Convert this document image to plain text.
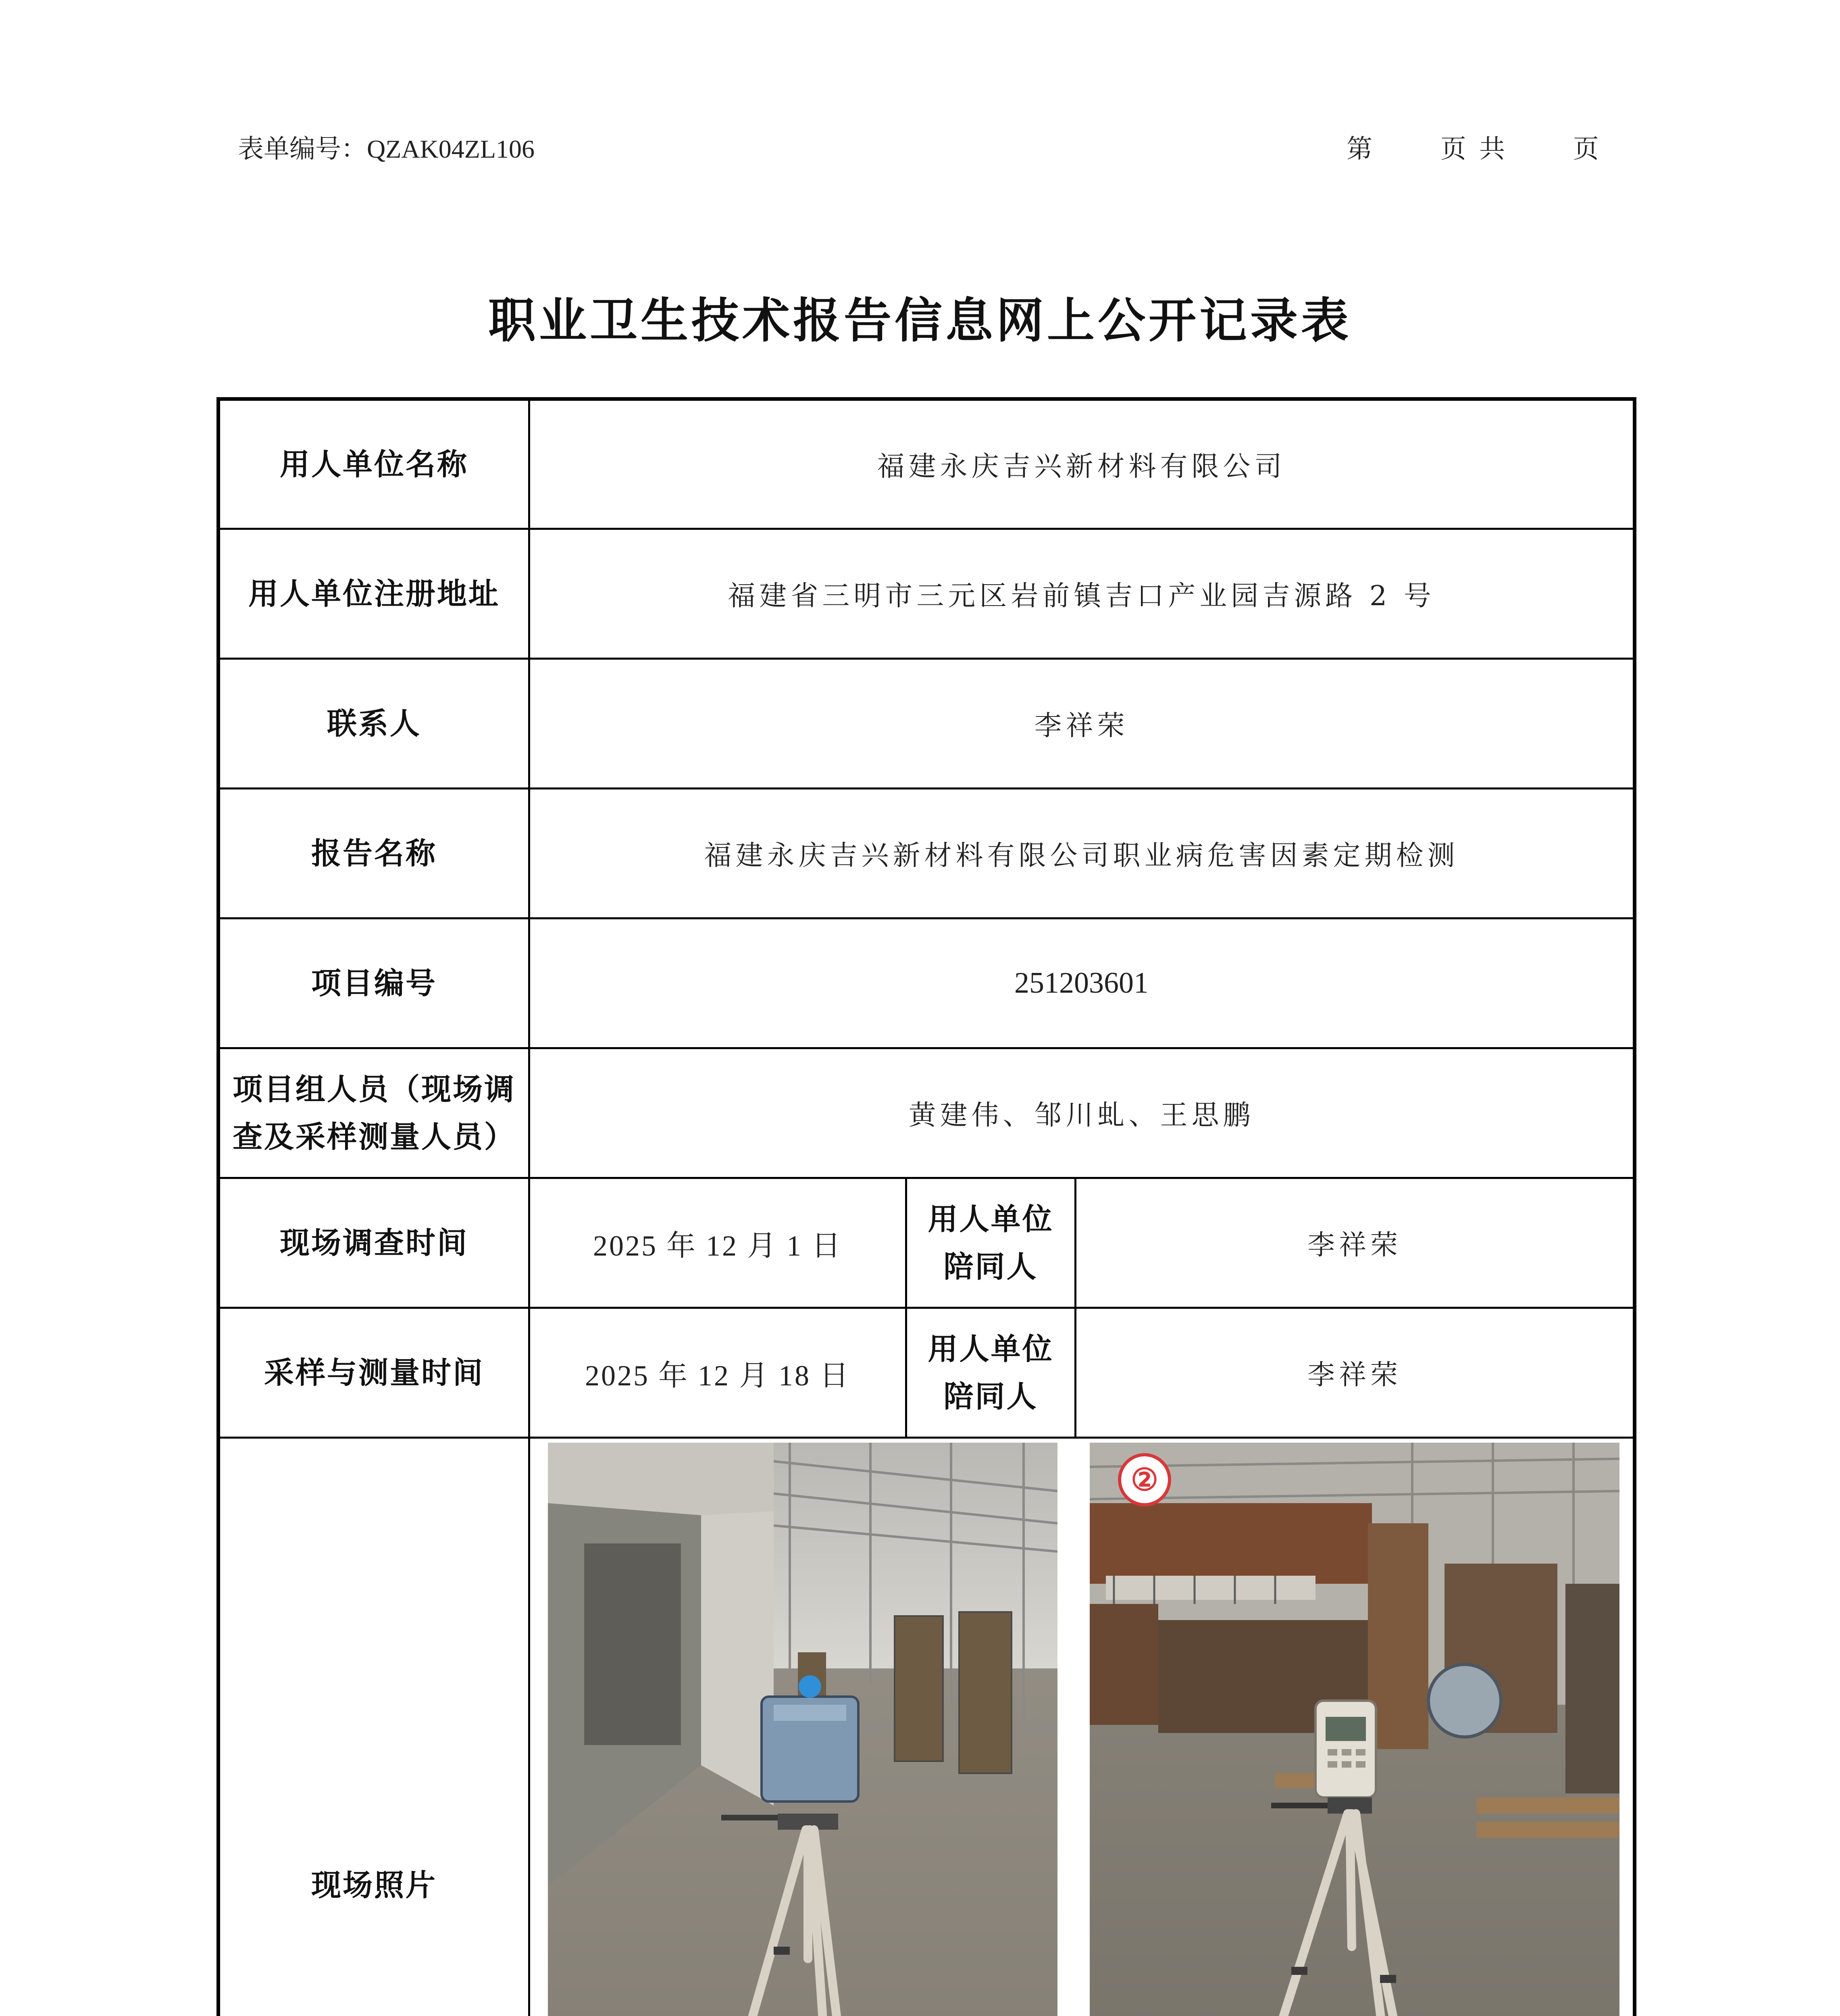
表单编号：QZAK04ZL106	第	页 共	页
职业卫生技术报告信息网上公开记录表
用人单位名称	福建永庆吉兴新材料有限公司		
用人单位注册地址	福建省三明市三元区岩前镇吉口产业园吉源路 2 号		
联系人	李祥荣		
报告名称	福建永庆吉兴新材料有限公司职业病危害因素定期检测		
项目编号	251203601		

项目组人员（现场调
查及采样测量人员）	黄建伟、邹川虬、王思鹏		
现场调查时间	2025 年 12 月 1 日	用人单位
陪同人	李祥荣
采样与测量时间	2025 年 12 月 18 日	用人单位
陪同人	李祥荣
现场照片	②		
